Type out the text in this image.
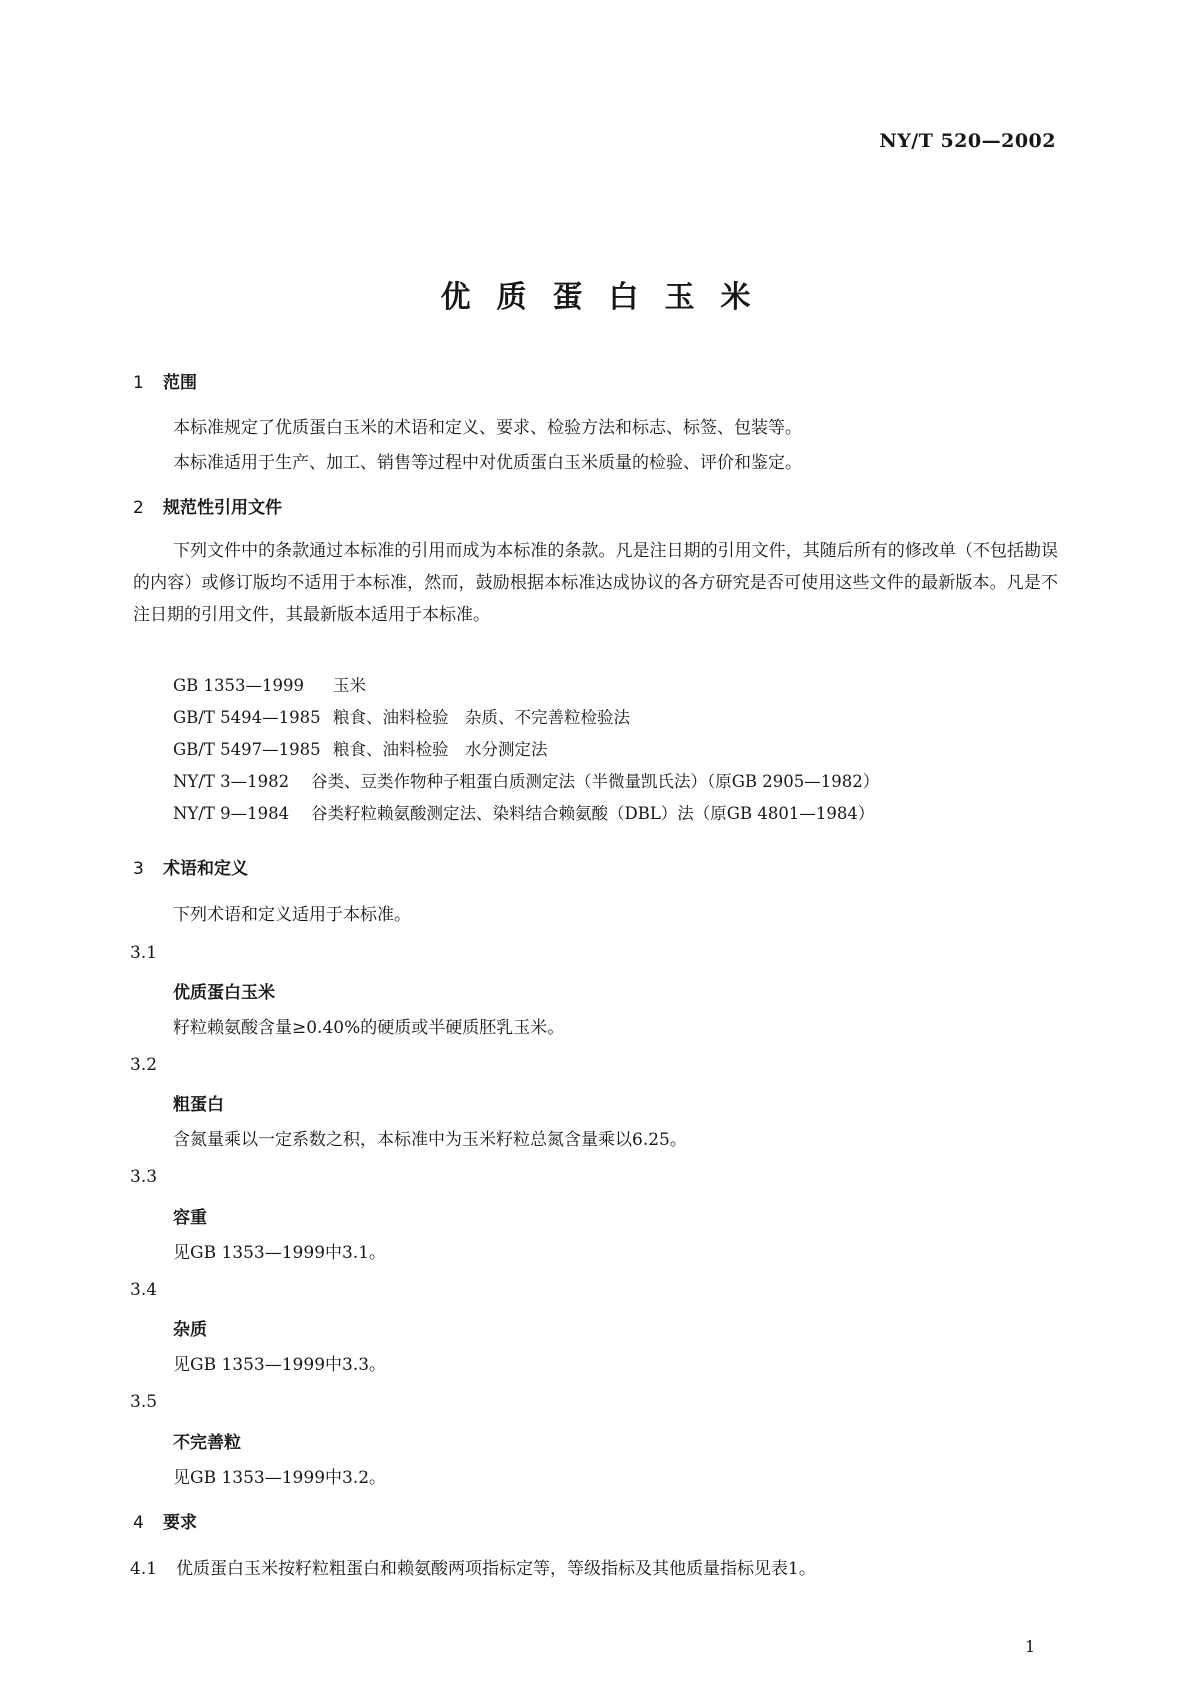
NY/T 520—2002
优质蛋白玉米
1 范围
本标准规定了优质蛋白玉米的术语和定义、要求、检验方法和标志、标签、包装等。
本标准适用于生产、加工、销售等过程中对优质蛋白玉米质量的检验、评价和鉴定。
2 规范性引用文件
下列文件中的条款通过本标准的引用而成为本标准的条款。凡是注日期的引用文件，其随后所有的修改单（不包括勘误的内容）或修订版均不适用于本标准，然而，鼓励根据本标准达成协议的各方研究是否可使用这些文件的最新版本。凡是不注日期的引用文件，其最新版本适用于本标准。
GB 1353—1999 玉米
GB/T 5494—1985 粮食、油料检验　杂质、不完善粒检验法
GB/T 5497—1985 粮食、油料检验　水分测定法
NY/T 3—1982 谷类、豆类作物种子粗蛋白质测定法（半微量凯氏法）（原GB 2905—1982）
NY/T 9—1984 谷类籽粒赖氨酸测定法、染料结合赖氨酸（DBL）法（原GB 4801—1984）
3 术语和定义
下列术语和定义适用于本标准。
3.1
优质蛋白玉米
籽粒赖氨酸含量≥0.40%的硬质或半硬质胚乳玉米。
3.2
粗蛋白
含氮量乘以一定系数之积，本标准中为玉米籽粒总氮含量乘以6.25。
3.3
容重
见GB 1353—1999中3.1。
3.4
杂质
见GB 1353—1999中3.3。
3.5
不完善粒
见GB 1353—1999中3.2。
4 要求
4.1 优质蛋白玉米按籽粒粗蛋白和赖氨酸两项指标定等，等级指标及其他质量指标见表1。
1
